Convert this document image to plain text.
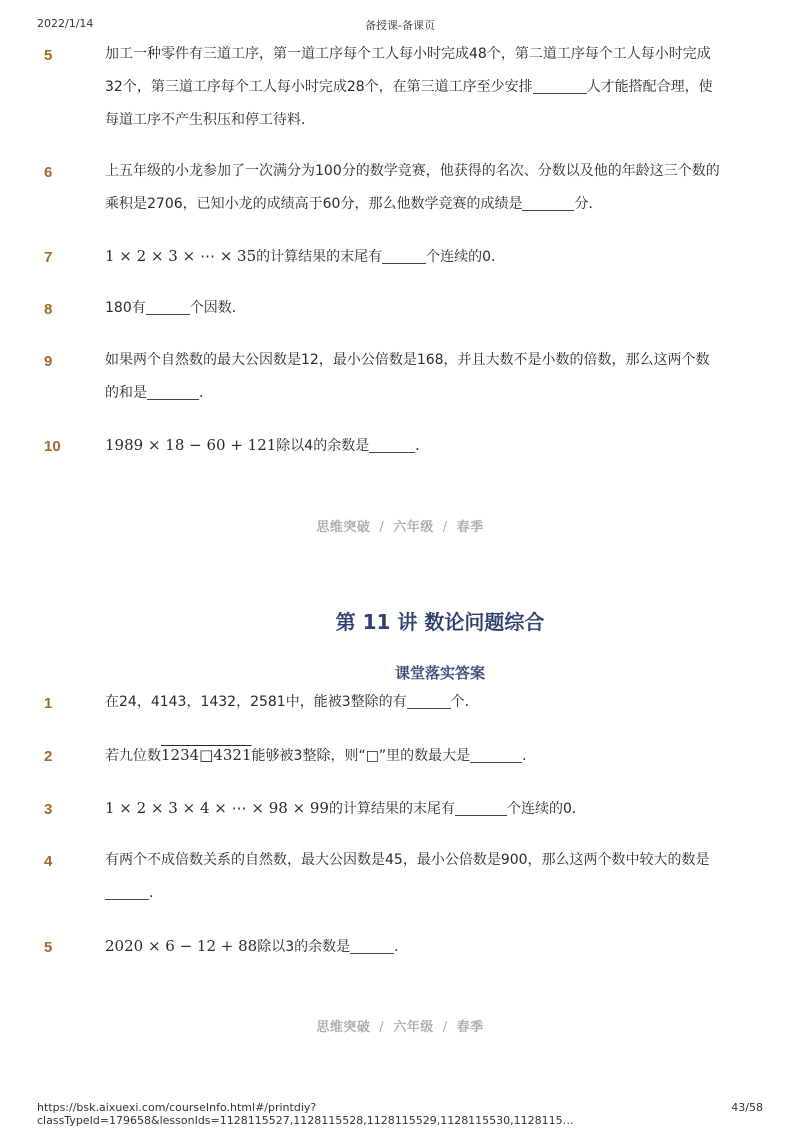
2022/1/14	备授课-备课页
5	加工一种零件有三道工序，第一道工序每个工人每小时完成48个，第二道工序每个工人每小时完成32个，第三道工序每个工人每小时完成28个，在第三道工序至少安排	人才能搭配合理，使每道工序不产生积压和停工待料．
6	上五年级的小龙参加了一次满分为100分的数学竞赛，他获得的名次、分数以及他的年龄这三个数的乘积是2706，已知小龙的成绩高于60分，那么他数学竞赛的成绩是	分．
7	1 × 2 × 3 × ⋯ × 35的计算结果的末尾有	个连续的0．
8	180有	个因数．
9	如果两个自然数的最大公因数是12，最小公倍数是168，并且大数不是小数的倍数，那么这两个数的和是	．
10	1989 × 18 − 60 + 121除以4的余数是	．
思维突破 / 六年级 / 春季
第 11 讲 数论问题综合
课堂落实答案
1	在24，4143，1432，2581中，能被3整除的有	个．
2	若九位数1234□4321能够被3整除，则“□”里的数最大是	．
3	1 × 2 × 3 × 4 × ⋯ × 98 × 99的计算结果的末尾有	个连续的0．
4	有两个不成倍数关系的自然数，最大公因数是45，最小公倍数是900，那么这两个数中较大的数是．
5	2020 × 6 − 12 + 88除以3的余数是	．
思维突破 / 六年级 / 春季
https://bsk.aixuexi.com/courseInfo.html#/printdiy?classTypeId=179658&lessonIds=1128115527,1128115528,1128115529,1128115530,1128115…
43/58
